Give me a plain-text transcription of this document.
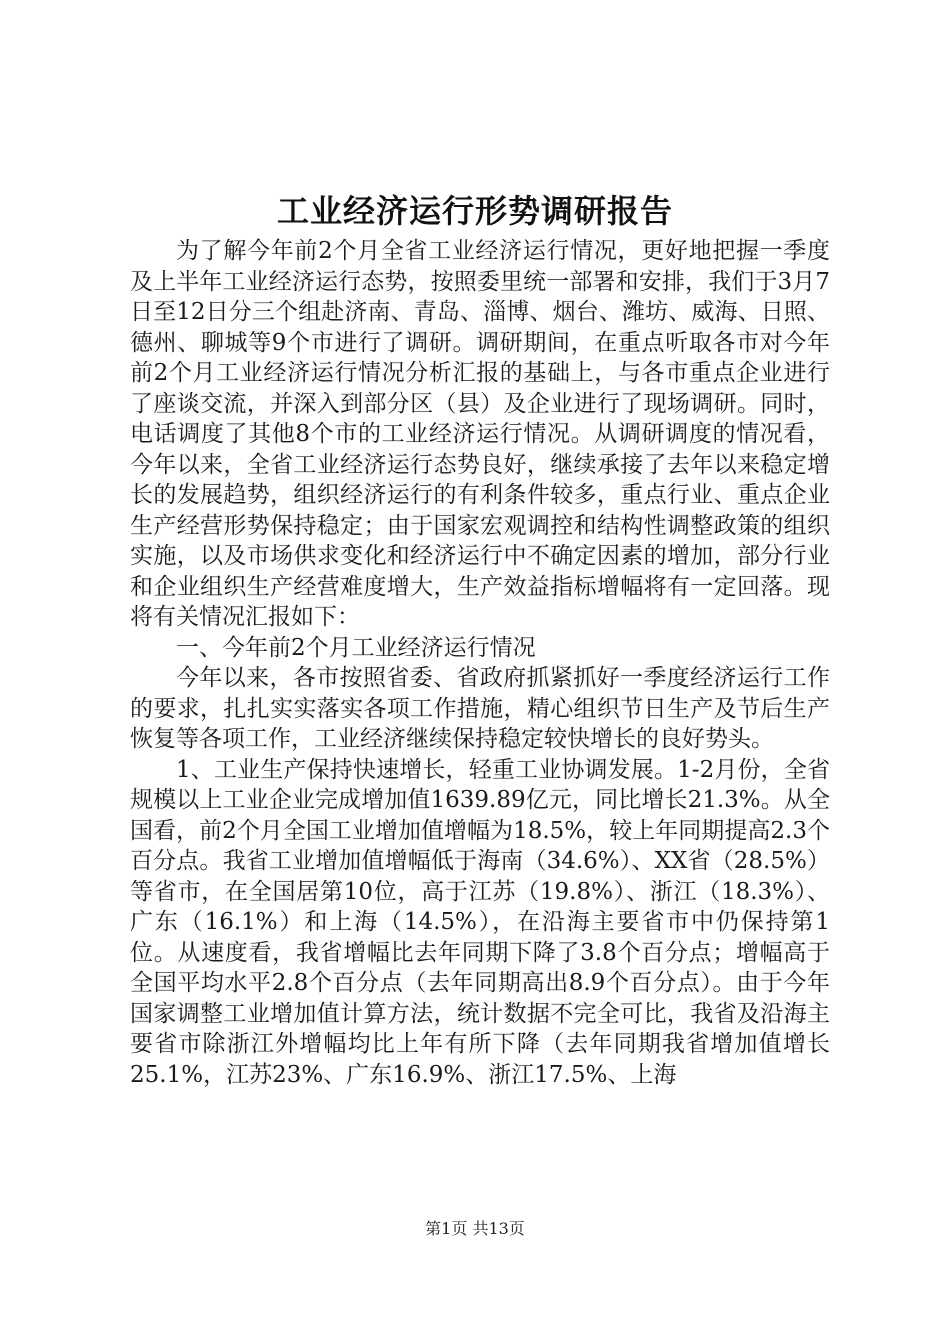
工业经济运行形势调研报告

为了解今年前2个月全省工业经济运行情况，更好地把握一季度及上半年工业经济运行态势，按照委里统一部署和安排，我们于3月7日至12日分三个组赴济南、青岛、淄博、烟台、潍坊、威海、日照、德州、聊城等9个市进行了调研。调研期间，在重点听取各市对今年前2个月工业经济运行情况分析汇报的基础上，与各市重点企业进行了座谈交流，并深入到部分区（县）及企业进行了现场调研。同时，电话调度了其他8个市的工业经济运行情况。从调研调度的情况看，今年以来，全省工业经济运行态势良好，继续承接了去年以来稳定增长的发展趋势，组织经济运行的有利条件较多，重点行业、重点企业生产经营形势保持稳定；由于国家宏观调控和结构性调整政策的组织实施，以及市场供求变化和经济运行中不确定因素的增加，部分行业和企业组织生产经营难度增大，生产效益指标增幅将有一定回落。现将有关情况汇报如下：

一、今年前2个月工业经济运行情况

今年以来，各市按照省委、省政府抓紧抓好一季度经济运行工作的要求，扎扎实实落实各项工作措施，精心组织节日生产及节后生产恢复等各项工作，工业经济继续保持稳定较快增长的良好势头。

1、工业生产保持快速增长，轻重工业协调发展。1-2月份，全省规模以上工业企业完成增加值1639.89亿元，同比增长21.3%。从全国看，前2个月全国工业增加值增幅为18.5%，较上年同期提高2.3个百分点。我省工业增加值增幅低于海南（34.6%）、XX省（28.5%）等省市，在全国居第10位，高于江苏（19.8%）、浙江（18.3%）、广东（16.1%）和上海（14.5%），在沿海主要省市中仍保持第1位。从速度看，我省增幅比去年同期下降了3.8个百分点；增幅高于全国平均水平2.8个百分点（去年同期高出8.9个百分点）。由于今年国家调整工业增加值计算方法，统计数据不完全可比，我省及沿海主要省市除浙江外增幅均比上年有所下降（去年同期我省增加值增长25.1%，江苏23%、广东16.9%、浙江17.5%、上海

第1页 共13页
